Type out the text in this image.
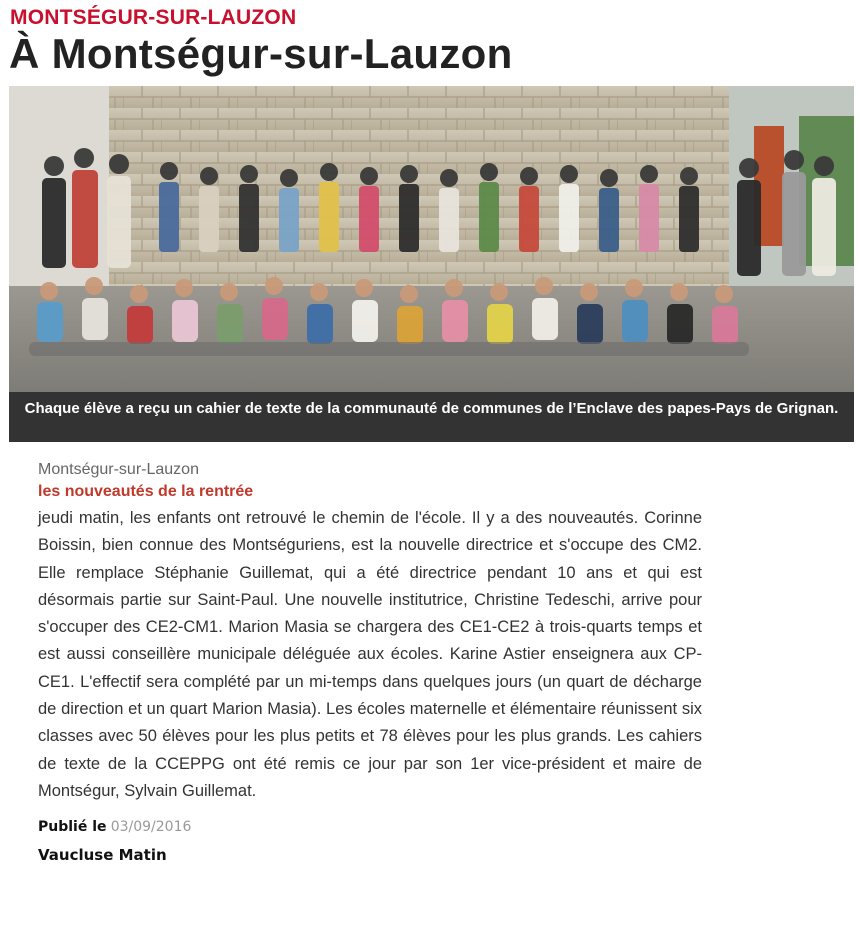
MONTSÉGUR-SUR-LAUZON
À Montségur-sur-Lauzon
Chaque élève a reçu un cahier de texte de la communauté de communes de l’Enclave des papes-Pays de Grignan.

Montségur-sur-Lauzon

les nouveautés de la rentrée

jeudi matin, les enfants ont retrouvé le chemin de l'école. Il y a des nouveautés. Corinne Boissin, bien connue des Montséguriens, est la nouvelle directrice et s'occupe des CM2. Elle remplace Stéphanie Guillemat, qui a été directrice pendant 10 ans et qui est désormais partie sur Saint-Paul. Une nouvelle institutrice, Christine Tedeschi, arrive pour s'occuper des CE2-CM1. Marion Masia se chargera des CE1-CE2 à trois-quarts temps et est aussi conseillère municipale déléguée aux écoles. Karine Astier enseignera aux CP-CE1. L'effectif sera complété par un mi-temps dans quelques jours (un quart de décharge de direction et un quart Marion Masia). Les écoles maternelle et élémentaire réunissent six classes avec 50 élèves pour les plus petits et 78 élèves pour les plus grands. Les cahiers de texte de la CCEPPG ont été remis ce jour par son 1er vice-président et maire de Montségur, Sylvain Guillemat.

Publié le 03/09/2016
Vaucluse Matin
